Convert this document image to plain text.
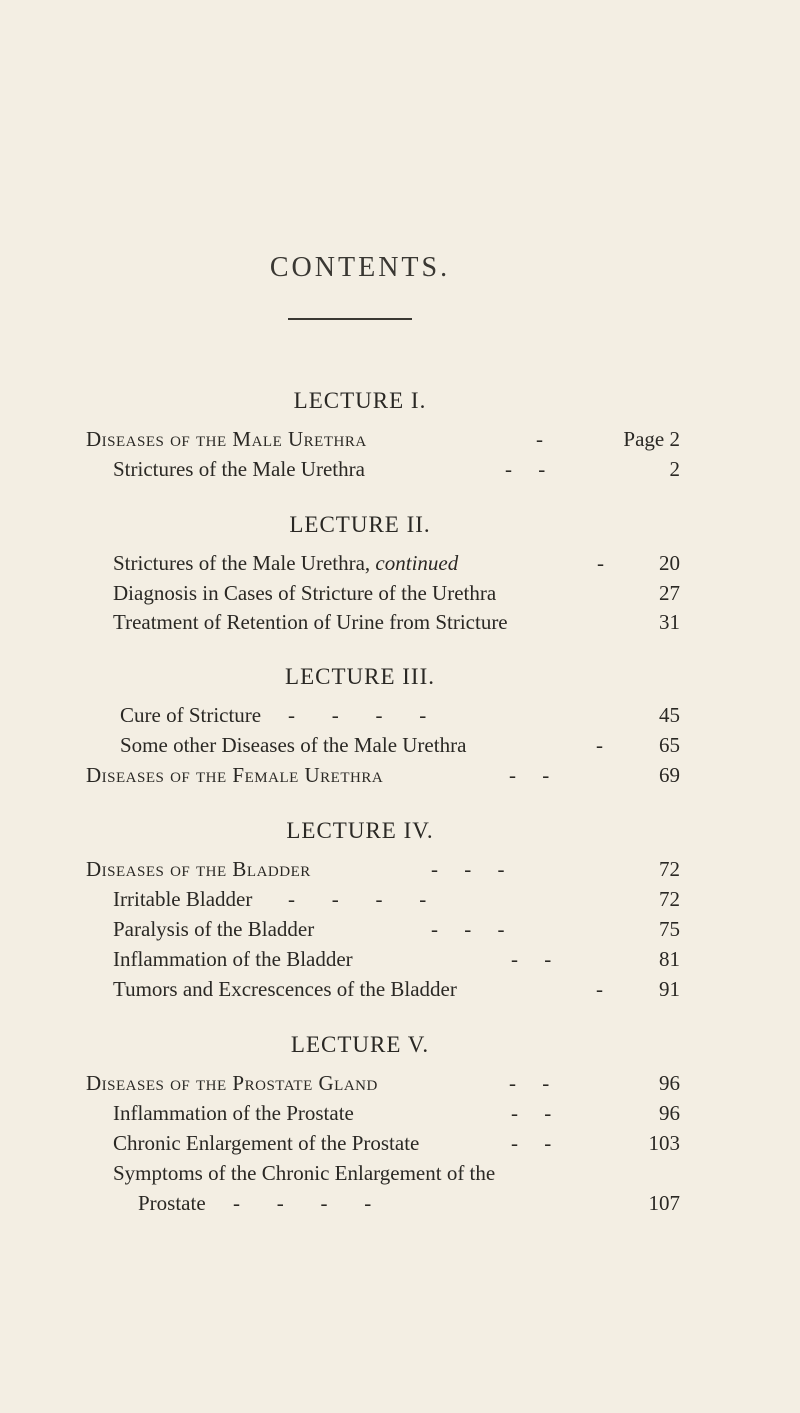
CONTENTS.
LECTURE I.
Diseases of the Male Urethra	-	Page 2
Strictures of the Male Urethra	-     -	2
LECTURE II.
Strictures of the Male Urethra, continued	-	20
Diagnosis in Cases of Stricture of the Urethra	27
Treatment of Retention of Urine from Stricture	31
LECTURE III.
Cure of Stricture -       -       -       -	45
Some other Diseases of the Male Urethra	-	65
Diseases of the Female Urethra	-     -	69
LECTURE IV.
Diseases of the Bladder	-     -     -	72
Irritable Bladder -       -       -       -	72
Paralysis of the Bladder	-     -     -	75
Inflammation of the Bladder	-     -	81
Tumors and Excrescences of the Bladder	-	91
LECTURE V.
Diseases of the Prostate Gland	-     -	96
Inflammation of the Prostate	-     -	96
Chronic Enlargement of the Prostate	-     -	103
Symptoms of the Chronic Enlargement of the
Prostate -       -       -       -	107
